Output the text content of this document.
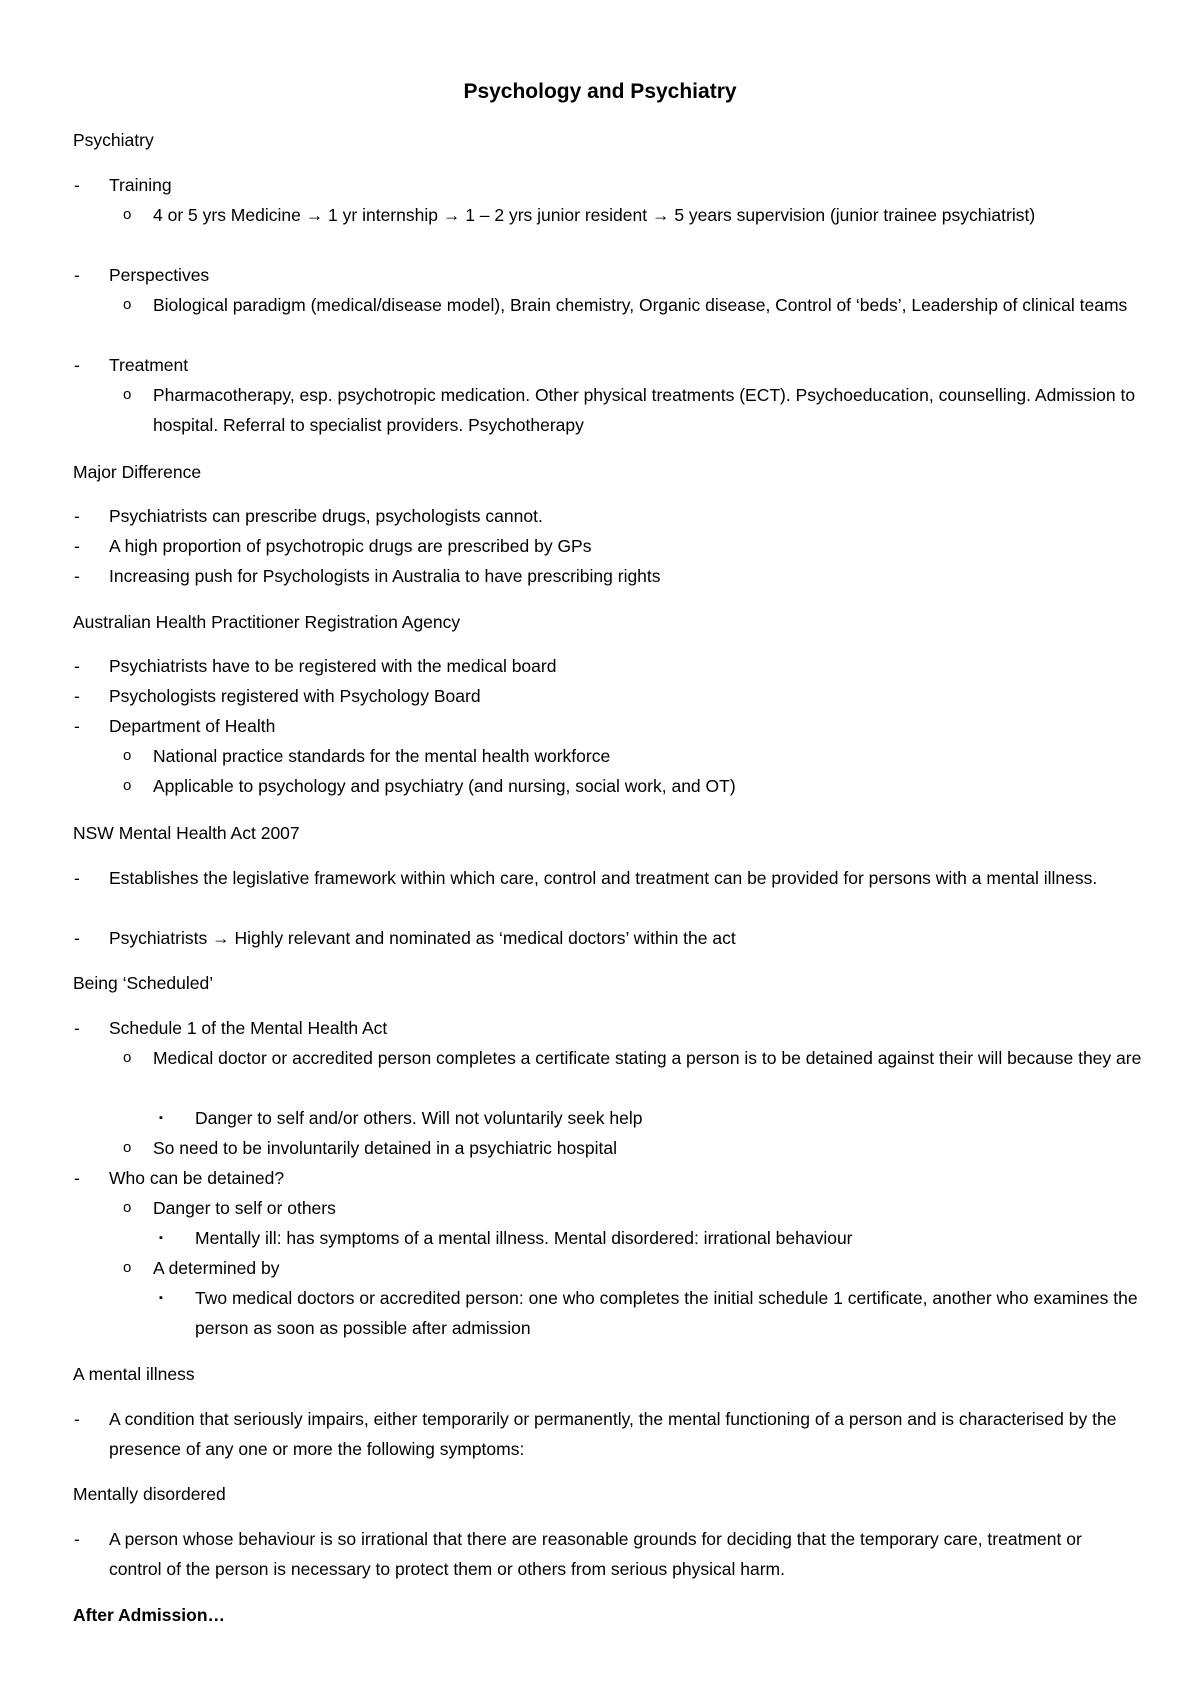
Psychology and Psychiatry
Psychiatry
- Training
o 4 or 5 yrs Medicine → 1 yr internship → 1 – 2 yrs junior resident → 5 years supervision (junior trainee psychiatrist)
- Perspectives
o Biological paradigm (medical/disease model), Brain chemistry, Organic disease, Control of ‘beds’, Leadership of clinical teams
- Treatment
o Pharmacotherapy, esp. psychotropic medication. Other physical treatments (ECT). Psychoeducation, counselling. Admission to hospital. Referral to specialist providers. Psychotherapy
Major Difference
- Psychiatrists can prescribe drugs, psychologists cannot.
- A high proportion of psychotropic drugs are prescribed by GPs
- Increasing push for Psychologists in Australia to have prescribing rights
Australian Health Practitioner Registration Agency
- Psychiatrists have to be registered with the medical board
- Psychologists registered with Psychology Board
- Department of Health
o National practice standards for the mental health workforce
o Applicable to psychology and psychiatry (and nursing, social work, and OT)
NSW Mental Health Act 2007
- Establishes the legislative framework within which care, control and treatment can be provided for persons with a mental illness.
- Psychiatrists → Highly relevant and nominated as ‘medical doctors’ within the act
Being ‘Scheduled’
- Schedule 1 of the Mental Health Act
o Medical doctor or accredited person completes a certificate stating a person is to be detained against their will because they are
▪ Danger to self and/or others. Will not voluntarily seek help
o So need to be involuntarily detained in a psychiatric hospital
- Who can be detained?
o Danger to self or others
▪ Mentally ill: has symptoms of a mental illness. Mental disordered: irrational behaviour
o A determined by
▪ Two medical doctors or accredited person: one who completes the initial schedule 1 certificate, another who examines the person as soon as possible after admission
A mental illness
- A condition that seriously impairs, either temporarily or permanently, the mental functioning of a person and is characterised by the presence of any one or more the following symptoms:
Mentally disordered
- A person whose behaviour is so irrational that there are reasonable grounds for deciding that the temporary care, treatment or control of the person is necessary to protect them or others from serious physical harm.
After Admission…
